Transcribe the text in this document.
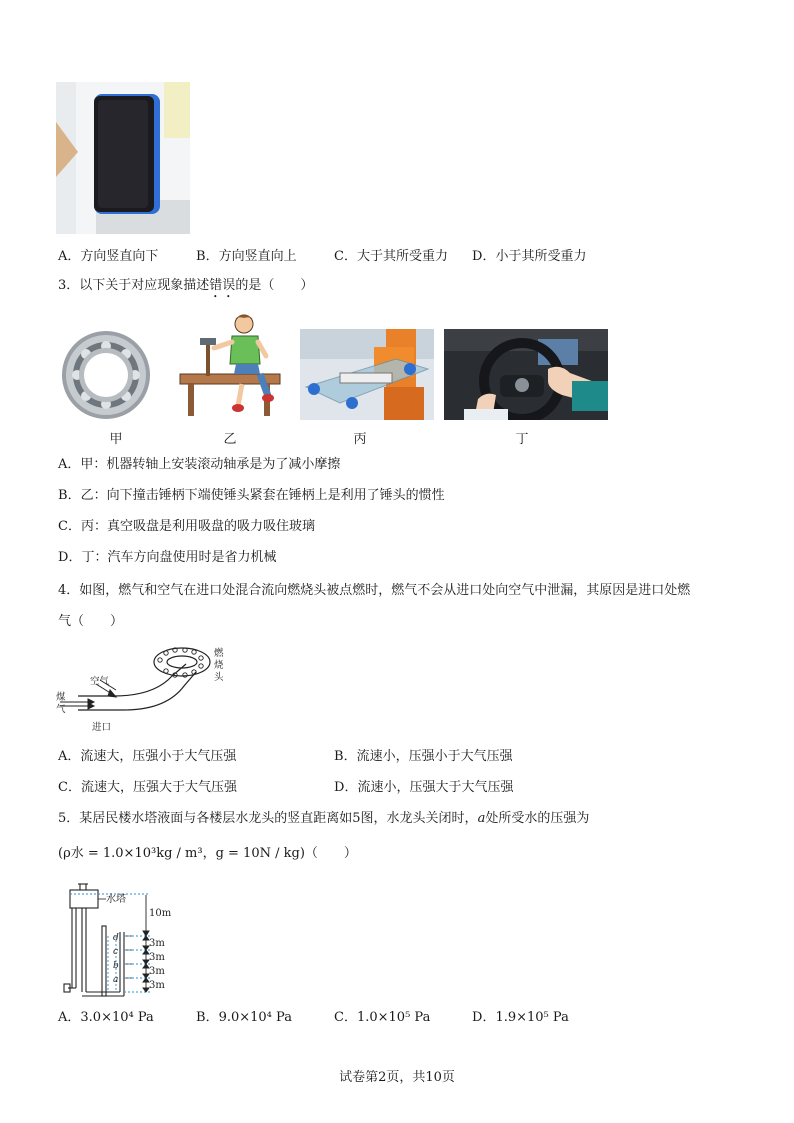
A．方向竖直向下	B．方向竖直向上	C．大于其所受重力 D．小于其所受重力
3．以下关于对应现象描述错误的是（　　）
甲	乙	丙	丁
A．甲：机器转轴上安装滚动轴承是为了减小摩擦
B．乙：向下撞击锤柄下端使锤头紧套在锤柄上是利用了锤头的惯性
C．丙：真空吸盘是利用吸盘的吸力吸住玻璃
D．丁：汽车方向盘使用时是省力机械
4．如图，燃气和空气在进口处混合流向燃烧头被点燃时，燃气不会从进口处向空气中泄漏，其原因是进口处燃
气（　　）
空气
煤
气
进口
燃
烧
头
A．流速大，压强小于大气压强	B．流速小，压强小于大气压强
C．流速大，压强大于大气压强	D．流速小，压强大于大气压强
5．某居民楼水塔液面与各楼层水龙头的竖直距离如5图，水龙头关闭时，a处所受水的压强为
(ρ水 = 1.0×10³kg / m³，g = 10N / kg)（　　）
水塔
10m
3m
3m
3m
3m
d
c
b
a
A．3.0×10⁴ Pa	B．9.0×10⁴ Pa	C．1.0×10⁵ Pa	D．1.9×10⁵ Pa
试卷第2页，共10页
